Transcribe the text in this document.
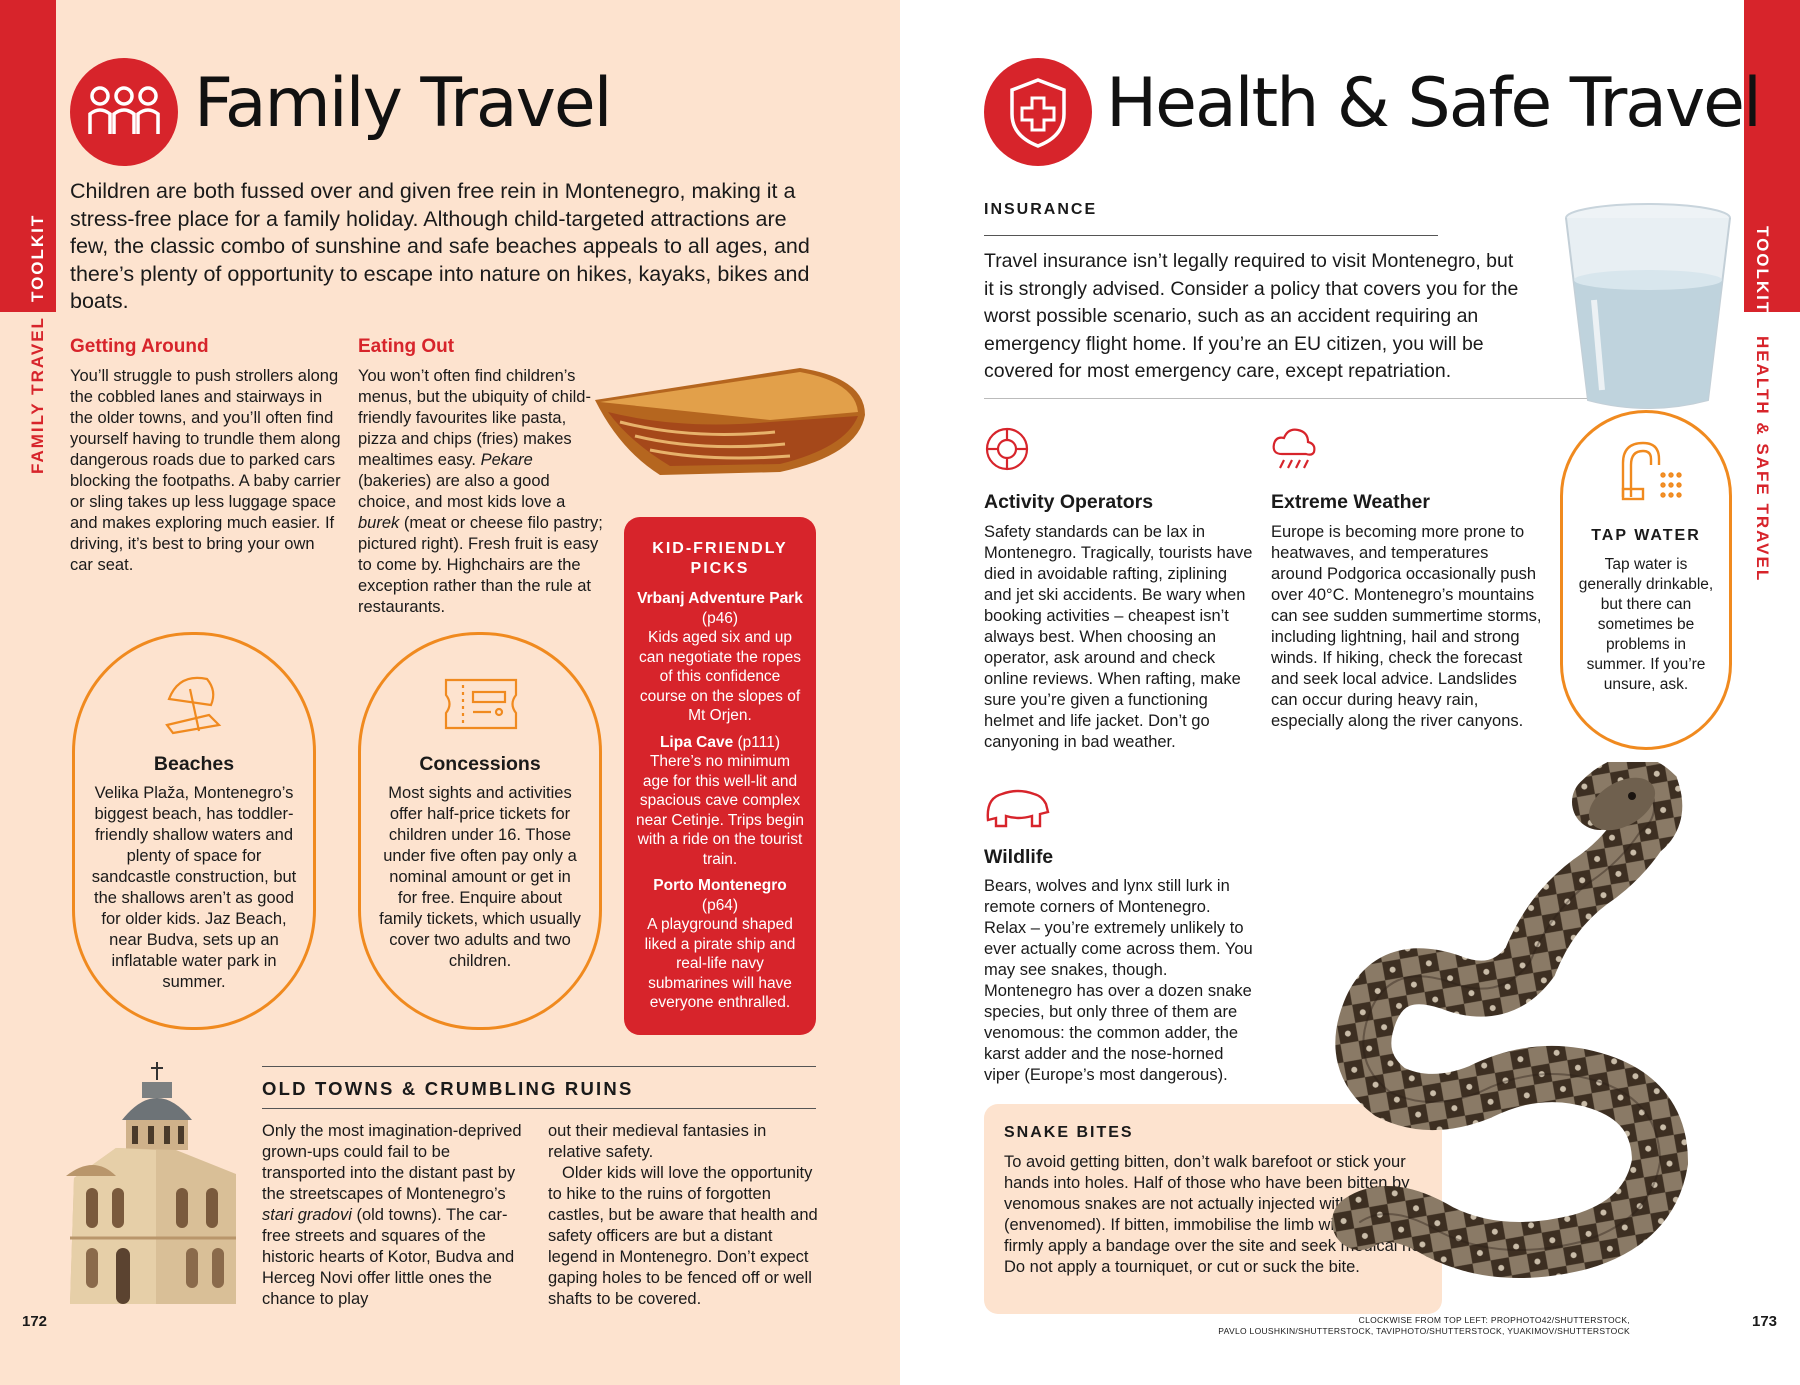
TOOLKIT
FAMILY TRAVEL
Family Travel
Children are both fussed over and given free rein in Montenegro, making it a stress-free place for a family holiday. Although child-targeted attractions are few, the classic combo of sunshine and safe beaches appeals to all ages, and there’s plenty of opportunity to escape into nature on hikes, kayaks, bikes and boats.
Getting Around
You’ll struggle to push strollers along the cobbled lanes and stairways in the older towns, and you’ll often find yourself having to trundle them along dangerous roads due to parked cars blocking the footpaths. A baby carrier or sling takes up less luggage space and makes exploring much easier. If driving, it’s best to bring your own car seat.
Eating Out
You won’t often find children’s menus, but the ubiquity of child-friendly favourites like pasta, pizza and chips (fries) makes mealtimes easy. Pekare (bakeries) are also a good choice, and most kids love a burek (meat or cheese filo pastry; pictured right). Fresh fruit is easy to come by. Highchairs are the exception rather than the rule at restaurants.
KID-FRIENDLY PICKS
Vrbanj Adventure Park (p46)
Kids aged six and up can negotiate the ropes of this confidence course on the slopes of Mt Orjen.
Lipa Cave (p111)
There’s no minimum age for this well-lit and spacious cave complex near Cetinje. Trips begin with a ride on the tourist train.
Porto Montenegro (p64)
A playground shaped liked a pirate ship and real-life navy submarines will have everyone enthralled.
Beaches
Velika Plaža, Montenegro’s biggest beach, has toddler-friendly shallow waters and plenty of space for sandcastle construction, but the shallows aren’t as good for older kids. Jaz Beach, near Budva, sets up an inflatable water park in summer.
Concessions
Most sights and activities offer half-price tickets for children under 16. Those under five often pay only a nominal amount or get in for free. Enquire about family tickets, which usually cover two adults and two children.
OLD TOWNS & CRUMBLING RUINS
Only the most imagination-deprived grown-ups could fail to be transported into the distant past by the streetscapes of Montenegro’s stari gradovi (old towns). The car-free streets and squares of the historic hearts of Kotor, Budva and Herceg Novi offer little ones the chance to play
out their medieval fantasies in relative safety.
Older kids will love the opportunity to hike to the ruins of forgotten castles, but be aware that health and safety officers are but a distant legend in Montenegro. Don’t expect gaping holes to be fenced off or well shafts to be covered.
172
TOOLKIT
HEALTH & SAFE TRAVEL
Health & Safe Travel
INSURANCE
Travel insurance isn’t legally required to visit Montenegro, but it is strongly advised. Consider a policy that covers you for the worst possible scenario, such as an accident requiring an emergency flight home. If you’re an EU citizen, you will be covered for most emergency care, except repatriation.
TAP WATER
Tap water is generally drinkable, but there can sometimes be problems in summer. If you’re unsure, ask.
Activity Operators
Safety standards can be lax in Montenegro. Tragically, tourists have died in avoidable rafting, ziplining and jet ski accidents. Be wary when booking activities – cheapest isn’t always best. When choosing an operator, ask around and check online reviews. When rafting, make sure you’re given a functioning helmet and life jacket. Don’t go canyoning in bad weather.
Extreme Weather
Europe is becoming more prone to heatwaves, and temperatures around Podgorica occasionally push over 40°C. Montenegro’s mountains can see sudden summertime storms, including lightning, hail and strong winds. If hiking, check the forecast and seek local advice. Landslides can occur during heavy rain, especially along the river canyons.
Wildlife
Bears, wolves and lynx still lurk in remote corners of Montenegro. Relax – you’re extremely unlikely to ever actually come across them. You may see snakes, though. Montenegro has over a dozen snake species, but only three of them are venomous: the common adder, the karst adder and the nose-horned viper (Europe’s most dangerous).
SNAKE BITES
To avoid getting bitten, don’t walk barefoot or stick your hands into holes. Half of those who have been bitten by venomous snakes are not actually injected with poison (envenomed). If bitten, immobilise the limb with a splint, firmly apply a bandage over the site and seek medical help. Do not apply a tourniquet, or cut or suck the bite.
CLOCKWISE FROM TOP LEFT: PROPHOTO42/SHUTTERSTOCK,
PAVLO LOUSHKIN/SHUTTERSTOCK, TAVIPHOTO/SHUTTERSTOCK, YUAKIMOV/SHUTTERSTOCK
173
